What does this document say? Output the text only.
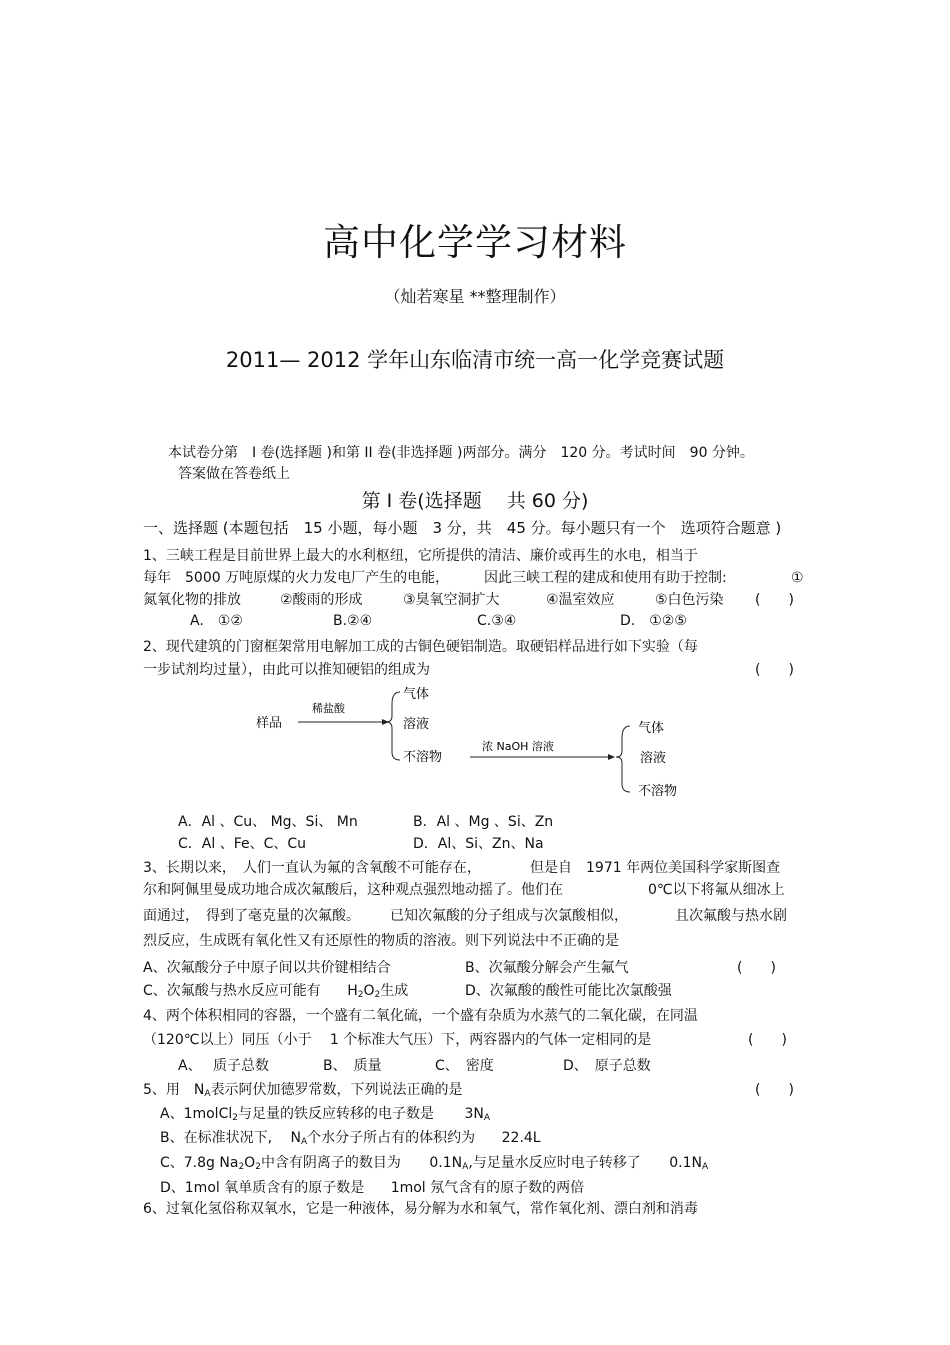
高中化学学习材料
（灿若寒星 **整理制作）
2011— 2012 学年山东临清市统一高一化学竞赛试题
本试卷分第　I 卷(选择题 )和第 II 卷(非选择题 )两部分。满分　120 分。考试时间　90 分钟。
答案做在答卷纸上
第 I 卷(选择题　 共 60 分)
一、选择题 (本题包括　15 小题，每小题　3 分，共　45 分。每小题只有一个　选项符合题意 )
1、三峡工程是目前世界上最大的水利枢纽，它所提供的清洁、廉价或再生的水电，相当于
每年　5000 万吨原煤的火力发电厂产生的电能， 因此三峡工程的建成和使用有助于控制:	①
氮氧化物的排放	②酸雨的形成	③臭氧空洞扩大	④温室效应	⑤白色污染 (　　)
A.　①②	B.②④	C.③④	D.　①②⑤
2、现代建筑的门窗框架常用电解加工成的古铜色硬铝制造。取硬铝样品进行如下实验（每
一步试剂均过量），由此可以推知硬铝的组成为	(　　)
样品
稀盐酸
气体
溶液
不溶物
浓 NaOH 溶液
气体
溶液
不溶物
A．Al 、Cu、 Mg、Si、 Mn	B．Al 、Mg 、Si、Zn
C．Al 、Fe、C、Cu	D．Al、Si、Zn、Na
3、长期以来，　人们一直认为氟的含氧酸不可能存在，	但是自　1971 年两位美国科学家斯图查
尔和阿佩里曼成功地合成次氟酸后，这种观点强烈地动摇了。他们在	0℃以下将氟从细冰上
面通过，　得到了毫克量的次氟酸。 已知次氟酸的分子组成与次氯酸相似，	且次氟酸与热水剧
烈反应，生成既有氧化性又有还原性的物质的溶液。则下列说法中不正确的是
A、次氟酸分子中原子间以共价键相结合	B、次氟酸分解会产生氟气	(　　)
C、次氟酸与热水反应可能有 $H_2O_2$生成	D、次氟酸的酸性可能比次氯酸强
4、两个体积相同的容器，一个盛有二氧化硫，一个盛有杂质为水蒸气的二氧化碳，在同温
（120℃以上）同压（小于　 1 个标准大气压）下，两容器内的气体一定相同的是	(　　)
A、　 质子总数	B、　质量	C、　密度	D、　原子总数
5、用　$N_A$表示阿伏加德罗常数，下列说法正确的是	(　　)
A、1molCl$_2$与足量的铁反应转移的电子数是 $3N_A$
B、在标准状况下, $N_A$个水分子所占有的体积约为 22.4L
C、7.8g $Na_2O_2$中含有阴离子的数目为 $0.1N_A$,与足量水反应时电子转移了 $0.1N_A$
D、1mol 氧单质含有的原子数是 1mol 氖气含有的原子数的两倍
6、过氧化氢俗称双氧水，它是一种液体，易分解为水和氧气，常作氧化剂、漂白剂和消毒
